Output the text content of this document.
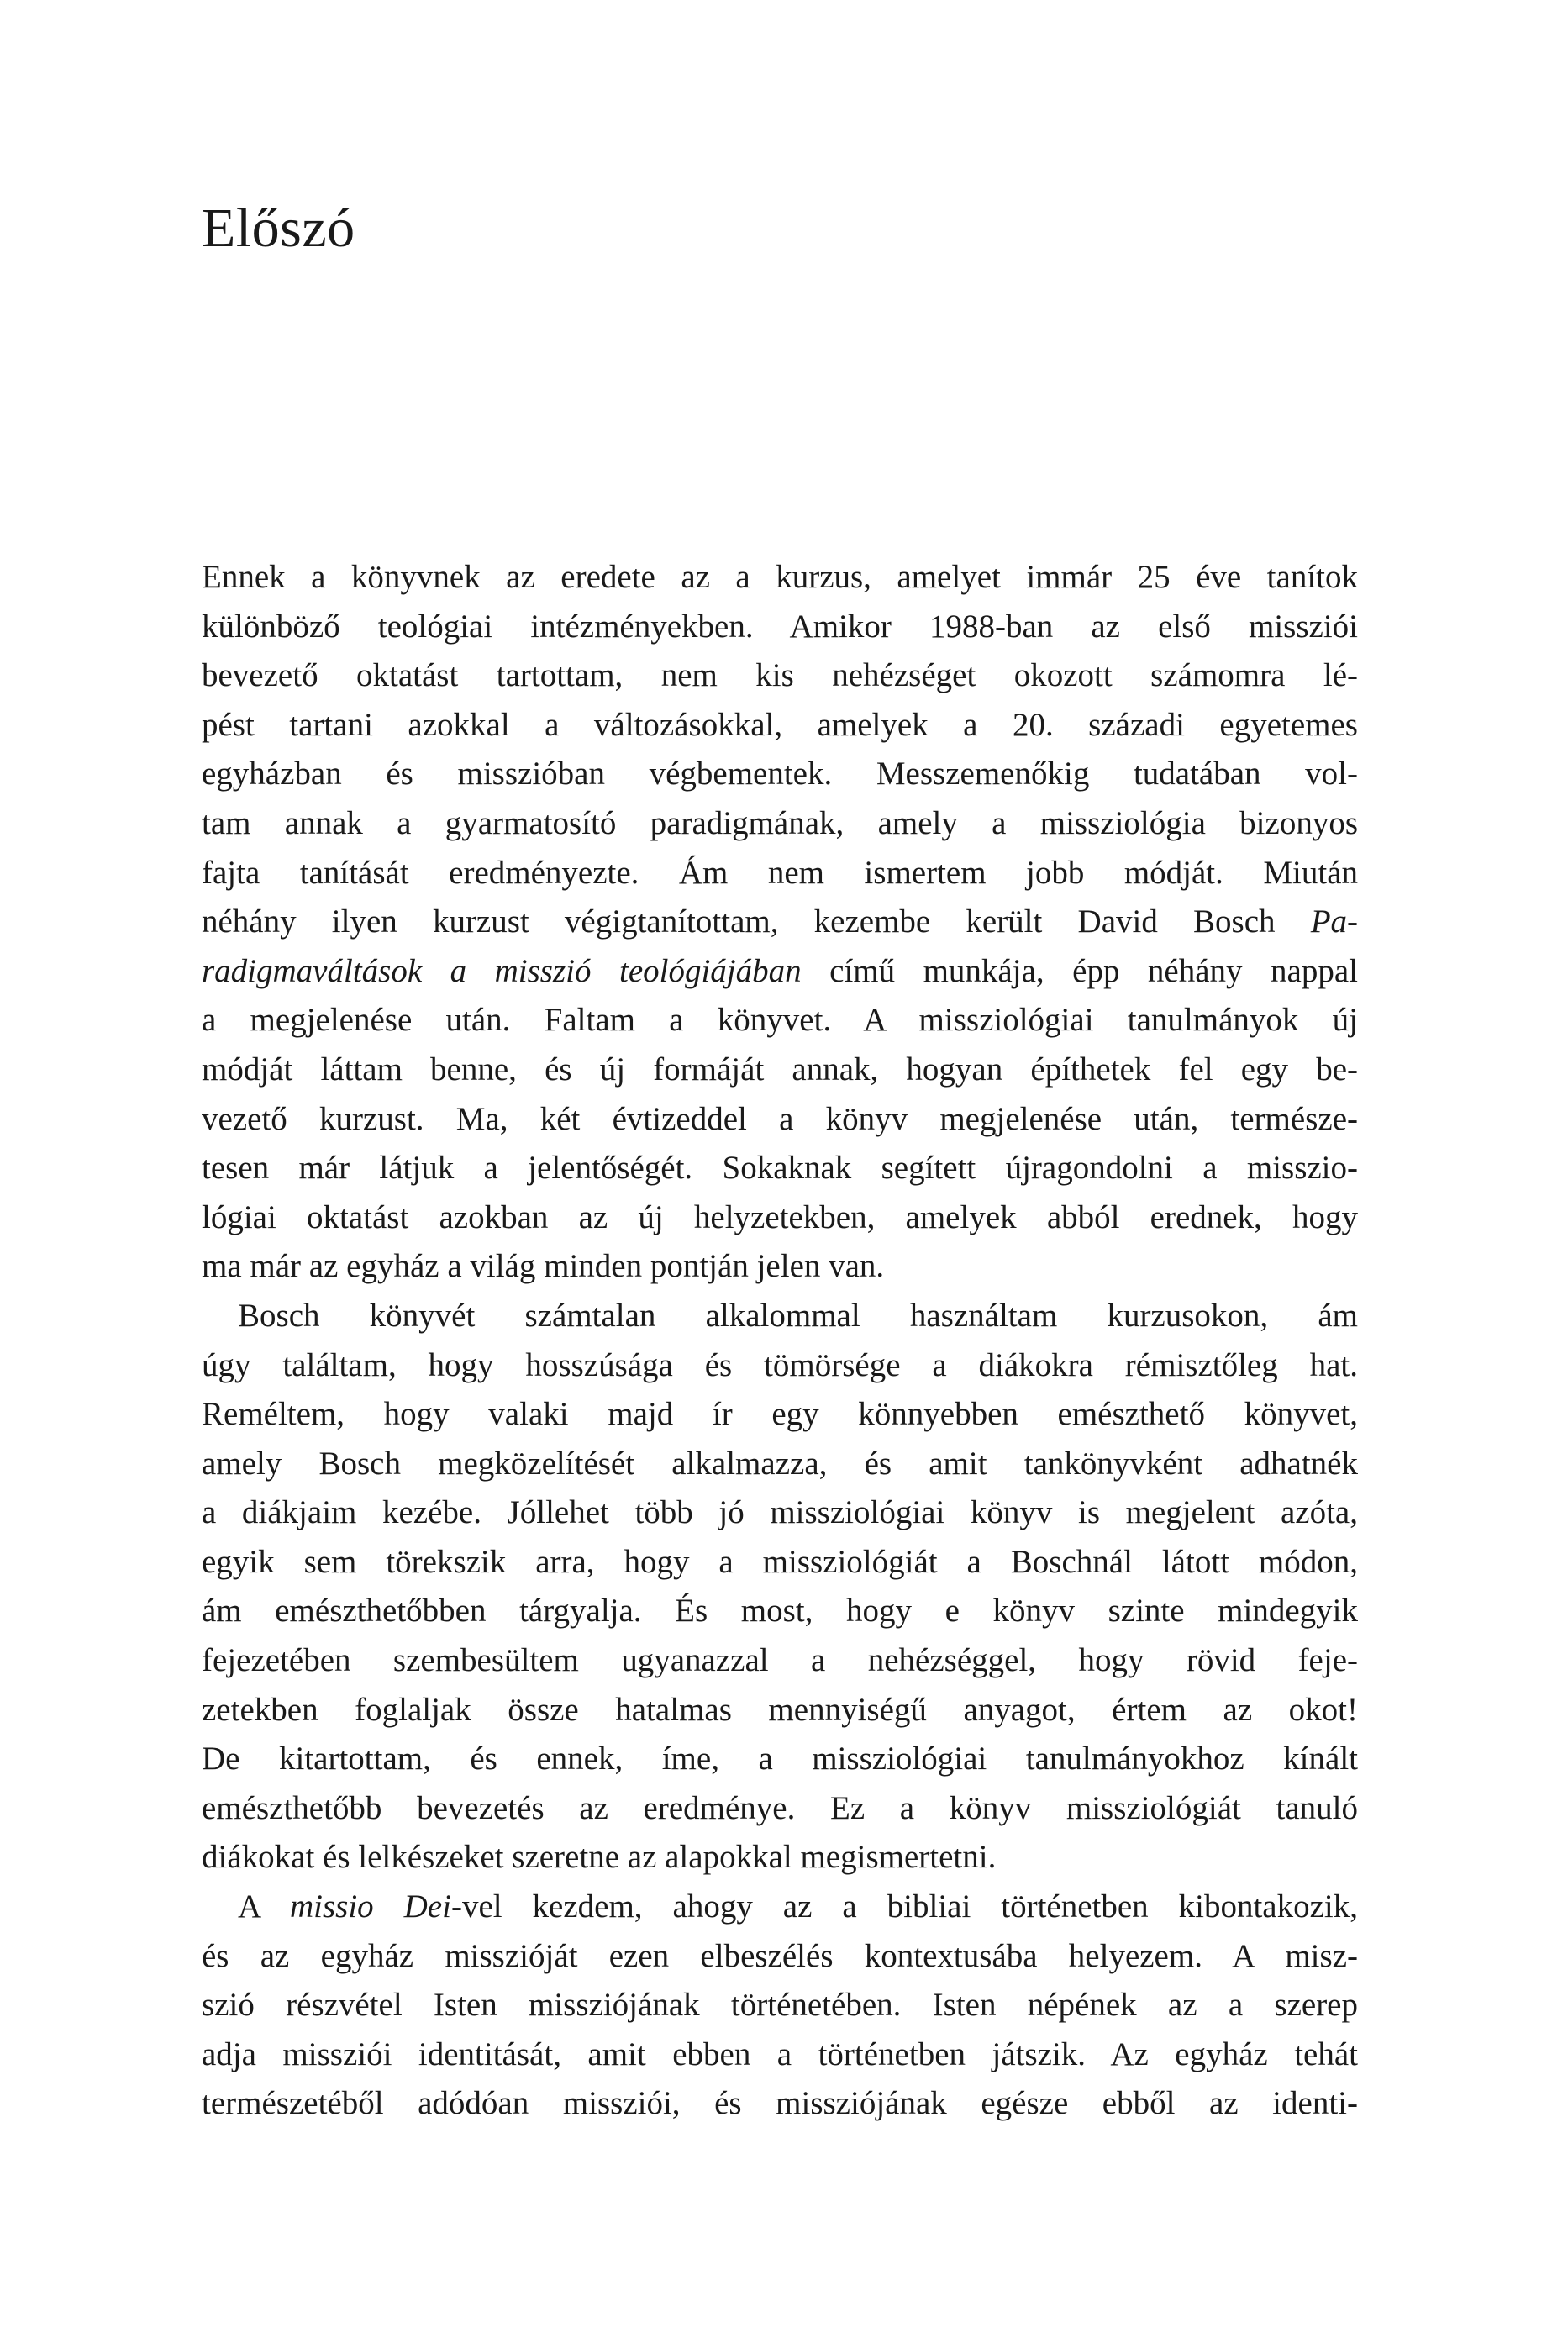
Előszó
Ennek a könyvnek az eredete az a kurzus, amelyet immár 25 éve tanítok
különböző teológiai intézményekben. Amikor 1988-ban az első missziói
bevezető oktatást tartottam, nem kis nehézséget okozott számomra lé-
pést tartani azokkal a változásokkal, amelyek a 20. századi egyetemes
egyházban és misszióban végbementek. Messzemenőkig tudatában vol-
tam annak a gyarmatosító paradigmának, amely a missziológia bizonyos
fajta tanítását eredményezte. Ám nem ismertem jobb módját. Miután
néhány ilyen kurzust végigtanítottam, kezembe került David Bosch Pa-
radigmaváltások a misszió teológiájában című munkája, épp néhány nappal
a megjelenése után. Faltam a könyvet. A missziológiai tanulmányok új
módját láttam benne, és új formáját annak, hogyan építhetek fel egy be-
vezető kurzust. Ma, két évtizeddel a könyv megjelenése után, természe-
tesen már látjuk a jelentőségét. Sokaknak segített újragondolni a misszio-
lógiai oktatást azokban az új helyzetekben, amelyek abból erednek, hogy
ma már az egyház a világ minden pontján jelen van.
Bosch könyvét számtalan alkalommal használtam kurzusokon, ám
úgy találtam, hogy hosszúsága és tömörsége a diákokra rémisztőleg hat.
Reméltem, hogy valaki majd ír egy könnyebben emészthető könyvet,
amely Bosch megközelítését alkalmazza, és amit tankönyvként adhatnék
a diákjaim kezébe. Jóllehet több jó missziológiai könyv is megjelent azóta,
egyik sem törekszik arra, hogy a missziológiát a Boschnál látott módon,
ám emészthetőbben tárgyalja. És most, hogy e könyv szinte mindegyik
fejezetében szembesültem ugyanazzal a nehézséggel, hogy rövid feje-
zetekben foglaljak össze hatalmas mennyiségű anyagot, értem az okot!
De kitartottam, és ennek, íme, a missziológiai tanulmányokhoz kínált
emészthetőbb bevezetés az eredménye. Ez a könyv missziológiát tanuló
diákokat és lelkészeket szeretne az alapokkal megismertetni.
A missio Dei-vel kezdem, ahogy az a bibliai történetben kibontakozik,
és az egyház misszióját ezen elbeszélés kontextusába helyezem. A misz-
szió részvétel Isten missziójának történetében. Isten népének az a szerep
adja missziói identitását, amit ebben a történetben játszik. Az egyház tehát
természetéből adódóan missziói, és missziójának egésze ebből az identi-
